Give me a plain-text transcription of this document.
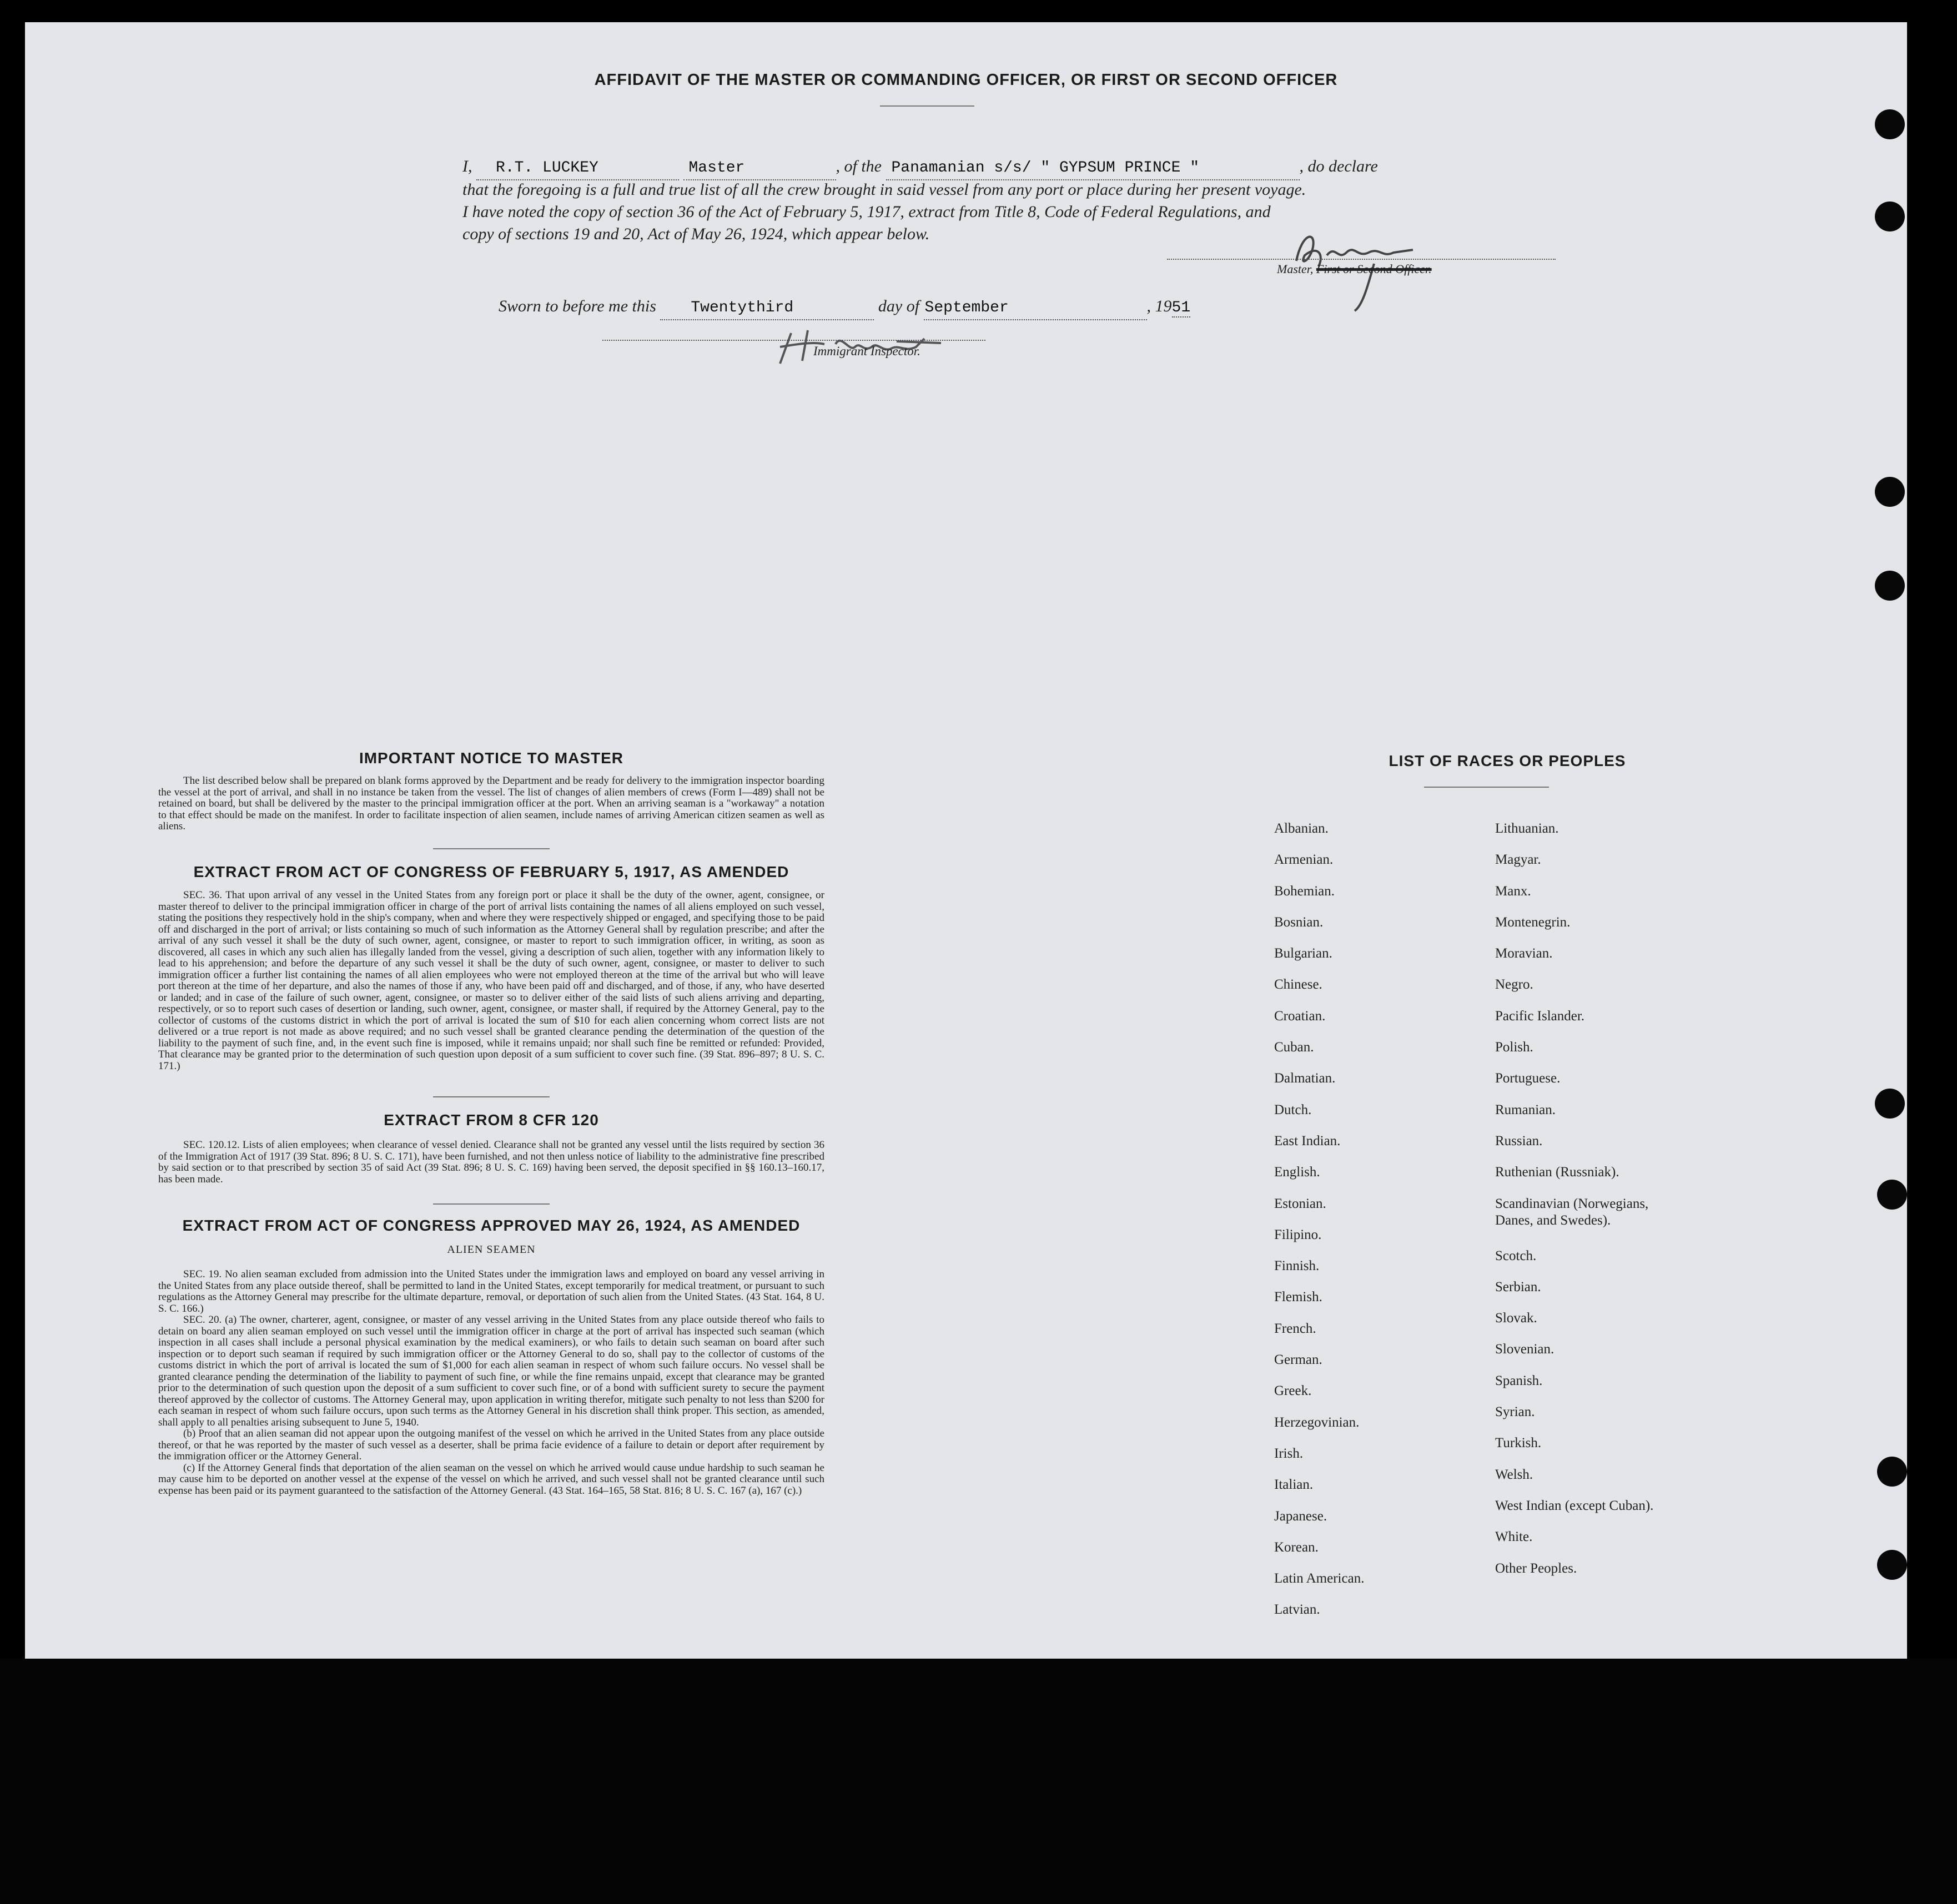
AFFIDAVIT OF THE MASTER OR COMMANDING OFFICER, OR FIRST OR SECOND OFFICER
I, R.T. LUCKEY	Master	, of the Panamanian s/s/ " GYPSUM PRINCE "	, do declare
that the foregoing is a full and true list of all the crew brought in said vessel from any port or place during her present voyage.
I have noted the copy of section 36 of the Act of February 5, 1917, extract from Title 8, Code of Federal Regulations, and
copy of sections 19 and 20, Act of May 26, 1924, which appear below.
Master, First or Second Officer.
Sworn to before me this Twentythird	day of September	, 1951
Immigrant Inspector.
IMPORTANT NOTICE TO MASTER

The list described below shall be prepared on blank forms approved by the Department and be ready for delivery to the immigration inspector boarding the vessel at the port of arrival, and shall in no instance be taken from the vessel. The list of changes of alien members of crews (Form I—489) shall not be retained on board, but shall be delivered by the master to the principal immigration officer at the port. When an arriving seaman is a "workaway" a notation to that effect should be made on the manifest. In order to facilitate inspection of alien seamen, include names of arriving American citizen seamen as well as aliens.

EXTRACT FROM ACT OF CONGRESS OF FEBRUARY 5, 1917, AS AMENDED

SEC. 36. That upon arrival of any vessel in the United States from any foreign port or place it shall be the duty of the owner, agent, consignee, or master thereof to deliver to the principal immigration officer in charge of the port of arrival lists containing the names of all aliens employed on such vessel, stating the positions they respectively hold in the ship's company, when and where they were respectively shipped or engaged, and specifying those to be paid off and discharged in the port of arrival; or lists containing so much of such information as the Attorney General shall by regulation prescribe; and after the arrival of any such vessel it shall be the duty of such owner, agent, consignee, or master to report to such immigration officer, in writing, as soon as discovered, all cases in which any such alien has illegally landed from the vessel, giving a description of such alien, together with any information likely to lead to his apprehension; and before the departure of any such vessel it shall be the duty of such owner, agent, consignee, or master to deliver to such immigration officer a further list containing the names of all alien employees who were not employed thereon at the time of the arrival but who will leave port thereon at the time of her departure, and also the names of those if any, who have been paid off and discharged, and of those, if any, who have deserted or landed; and in case of the failure of such owner, agent, consignee, or master so to deliver either of the said lists of such aliens arriving and departing, respectively, or so to report such cases of desertion or landing, such owner, agent, consignee, or master shall, if required by the Attorney General, pay to the collector of customs of the customs district in which the port of arrival is located the sum of $10 for each alien concerning whom correct lists are not delivered or a true report is not made as above required; and no such vessel shall be granted clearance pending the determination of the question of the liability to the payment of such fine, and, in the event such fine is imposed, while it remains unpaid; nor shall such fine be remitted or refunded: Provided, That clearance may be granted prior to the determination of such question upon deposit of a sum sufficient to cover such fine. (39 Stat. 896–897; 8 U. S. C. 171.)

EXTRACT FROM 8 CFR 120

SEC. 120.12. Lists of alien employees; when clearance of vessel denied. Clearance shall not be granted any vessel until the lists required by section 36 of the Immigration Act of 1917 (39 Stat. 896; 8 U. S. C. 171), have been furnished, and not then unless notice of liability to the administrative fine prescribed by said section or to that prescribed by section 35 of said Act (39 Stat. 896; 8 U. S. C. 169) having been served, the deposit specified in §§ 160.13–160.17, has been made.

EXTRACT FROM ACT OF CONGRESS APPROVED MAY 26, 1924, AS AMENDED
ALIEN SEAMEN

SEC. 19. No alien seaman excluded from admission into the United States under the immigration laws and employed on board any vessel arriving in the United States from any place outside thereof, shall be permitted to land in the United States, except temporarily for medical treatment, or pursuant to such regulations as the Attorney General may prescribe for the ultimate departure, removal, or deportation of such alien from the United States. (43 Stat. 164, 8 U. S. C. 166.)

SEC. 20. (a) The owner, charterer, agent, consignee, or master of any vessel arriving in the United States from any place outside thereof who fails to detain on board any alien seaman employed on such vessel until the immigration officer in charge at the port of arrival has inspected such seaman (which inspection in all cases shall include a personal physical examination by the medical examiners), or who fails to detain such seaman on board after such inspection or to deport such seaman if required by such immigration officer or the Attorney General to do so, shall pay to the collector of customs of the customs district in which the port of arrival is located the sum of $1,000 for each alien seaman in respect of whom such failure occurs. No vessel shall be granted clearance pending the determination of the liability to payment of such fine, or while the fine remains unpaid, except that clearance may be granted prior to the determination of such question upon the deposit of a sum sufficient to cover such fine, or of a bond with sufficient surety to secure the payment thereof approved by the collector of customs. The Attorney General may, upon application in writing therefor, mitigate such penalty to not less than $200 for each seaman in respect of whom such failure occurs, upon such terms as the Attorney General in his discretion shall think proper. This section, as amended, shall apply to all penalties arising subsequent to June 5, 1940.

(b) Proof that an alien seaman did not appear upon the outgoing manifest of the vessel on which he arrived in the United States from any place outside thereof, or that he was reported by the master of such vessel as a deserter, shall be prima facie evidence of a failure to detain or deport after requirement by the immigration officer or the Attorney General.

(c) If the Attorney General finds that deportation of the alien seaman on the vessel on which he arrived would cause undue hardship to such seaman he may cause him to be deported on another vessel at the expense of the vessel on which he arrived, and such vessel shall not be granted clearance until such expense has been paid or its payment guaranteed to the satisfaction of the Attorney General. (43 Stat. 164–165, 58 Stat. 816; 8 U. S. C. 167 (a), 167 (c).)

LIST OF RACES OR PEOPLES
Albanian.
Armenian.
Bohemian.
Bosnian.
Bulgarian.
Chinese.
Croatian.
Cuban.
Dalmatian.
Dutch.
East Indian.
English.
Estonian.
Filipino.
Finnish.
Flemish.
French.
German.
Greek.
Herzegovinian.
Irish.
Italian.
Japanese.
Korean.
Latin American.
Latvian.
Lithuanian.
Magyar.
Manx.
Montenegrin.
Moravian.
Negro.
Pacific Islander.
Polish.
Portuguese.
Rumanian.
Russian.
Ruthenian (Russniak).
Scandinavian (Norwegians,
Danes, and Swedes).
Scotch.
Serbian.
Slovak.
Slovenian.
Spanish.
Syrian.
Turkish.
Welsh.
West Indian (except Cuban).
White.
Other Peoples.
